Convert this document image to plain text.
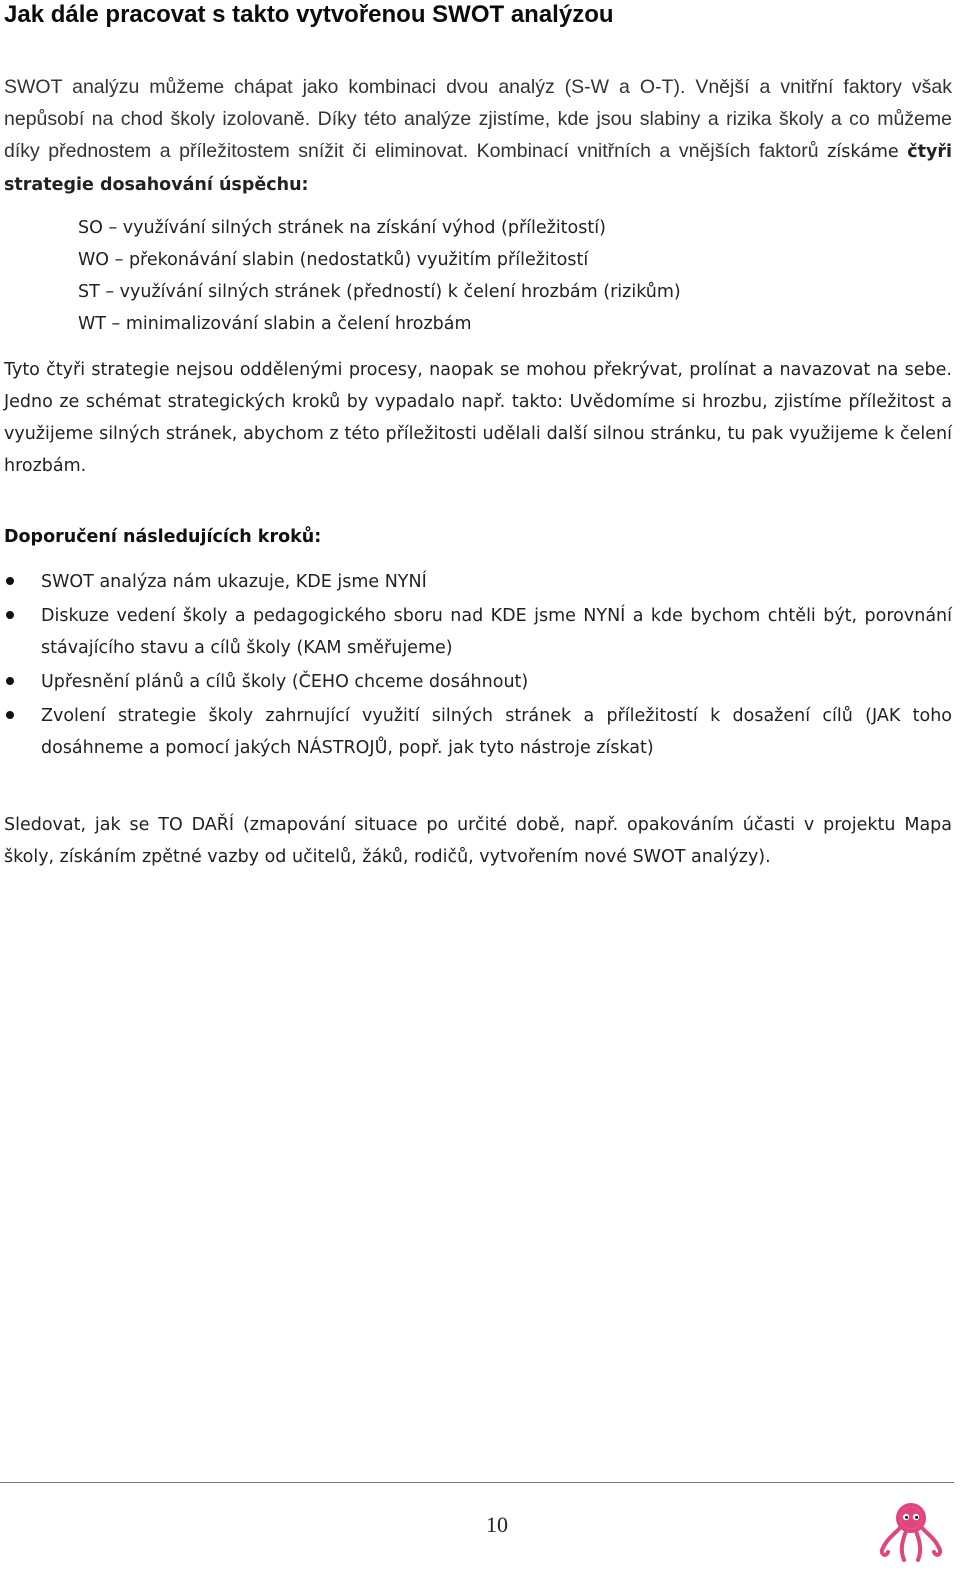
Jak dále pracovat s takto vytvořenou SWOT analýzou

SWOT analýzu můžeme chápat jako kombinaci dvou analýz (S-W a O-T). Vnější a vnitřní faktory však nepůsobí na chod školy izolovaně. Díky této analýze zjistíme, kde jsou slabiny a rizika školy a co můžeme díky přednostem a příležitostem snížit či eliminovat. Kombinací vnitřních a vnějších faktorů získáme čtyři strategie dosahování úspěchu:

SO – využívání silných stránek na získání výhod (příležitostí)
WO – překonávání slabin (nedostatků) využitím příležitostí
ST – využívání silných stránek (předností) k čelení hrozbám (rizikům)
WT – minimalizování slabin a čelení hrozbám

Tyto čtyři strategie nejsou oddělenými procesy, naopak se mohou překrývat, prolínat a navazovat na sebe. Jedno ze schémat strategických kroků by vypadalo např. takto: Uvědomíme si hrozbu, zjistíme příležitost a využijeme silných stránek, abychom z této příležitosti udělali další silnou stránku, tu pak využijeme k čelení hrozbám.

Doporučení následujících kroků:
SWOT analýza nám ukazuje, KDE jsme NYNÍ
Diskuze vedení školy a pedagogického sboru nad KDE jsme NYNÍ a kde bychom chtěli být, porovnání stávajícího stavu a cílů školy (KAM směřujeme)
Upřesnění plánů a cílů školy (ČEHO chceme dosáhnout)
Zvolení strategie školy zahrnující využití silných stránek a příležitostí k dosažení cílů (JAK toho dosáhneme a pomocí jakých NÁSTROJŮ, popř. jak tyto nástroje získat)

Sledovat, jak se TO DAŘÍ (zmapování situace po určité době, např. opakováním účasti v projektu Mapa školy, získáním zpětné vazby od učitelů, žáků, rodičů, vytvořením nové SWOT analýzy).

10
